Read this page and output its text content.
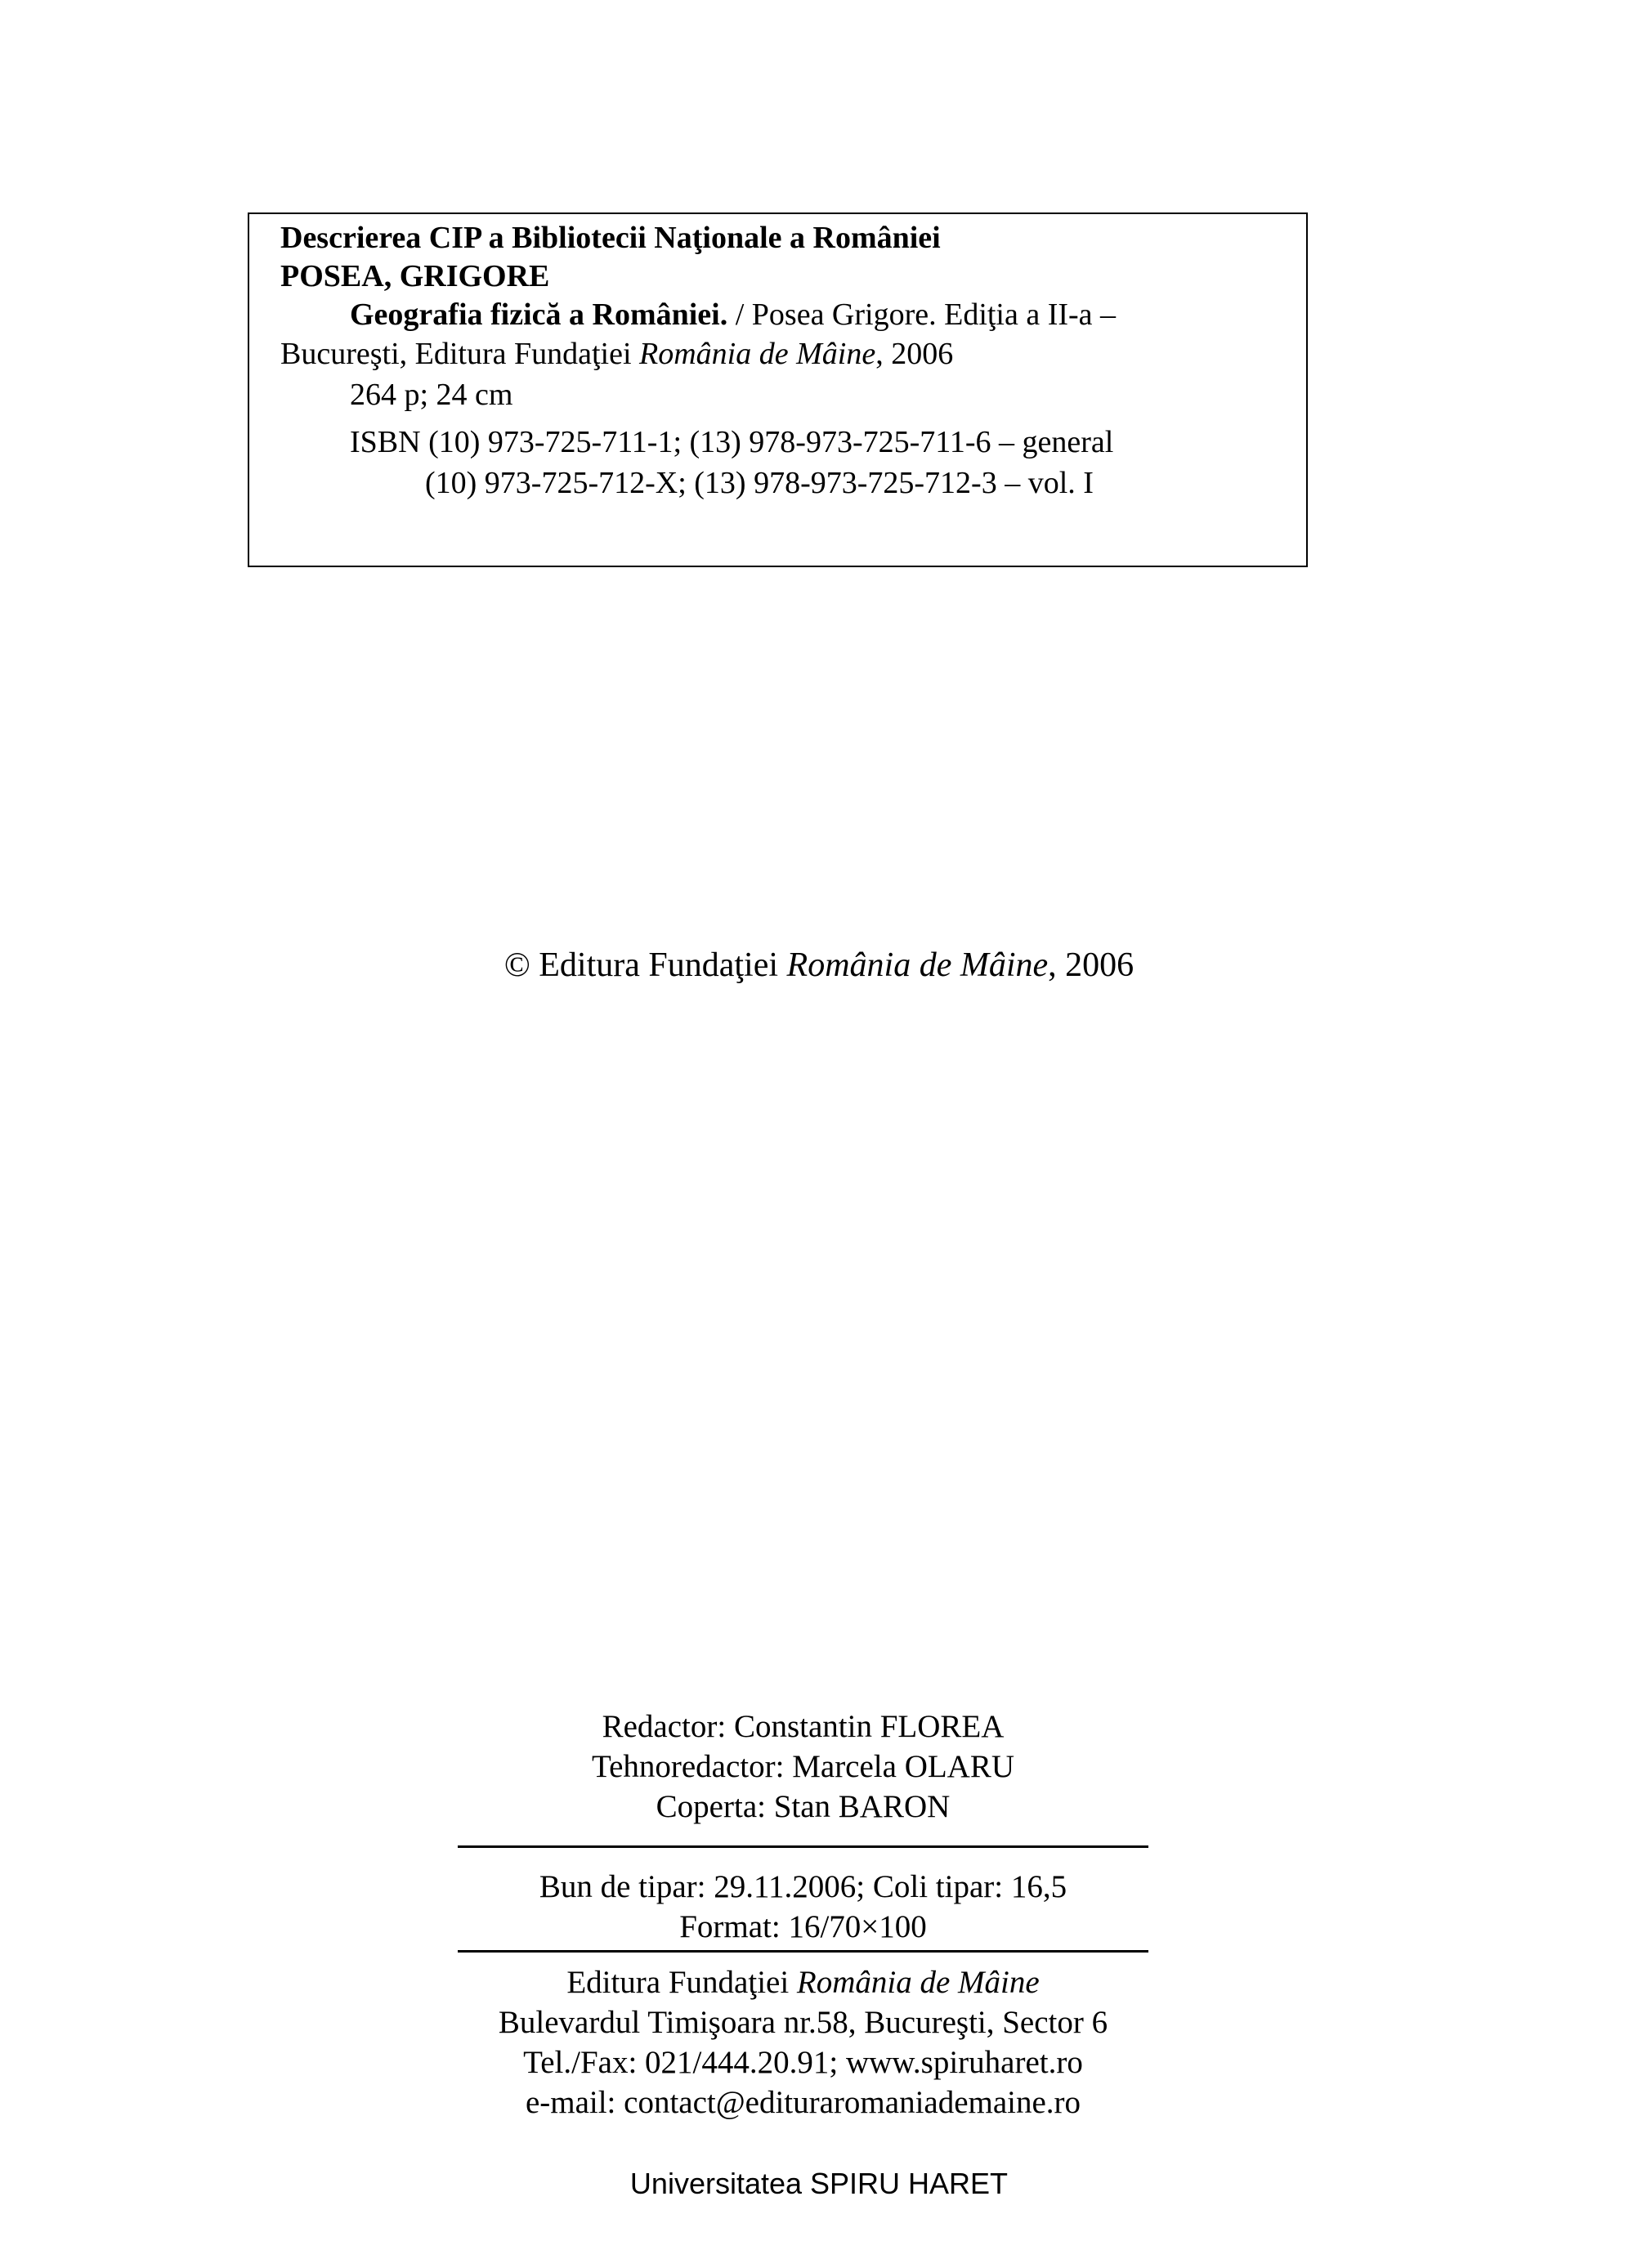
Descrierea CIP a Bibliotecii Naţionale a României
POSEA, GRIGORE
Geografia fizică a României. / Posea Grigore. Ediţia a II-a –
Bucureşti, Editura Fundaţiei România de Mâine, 2006
264 p; 24 cm
ISBN (10) 973-725-711-1; (13) 978-973-725-711-6 – general
(10) 973-725-712-X; (13) 978-973-725-712-3 – vol. I
© Editura Fundaţiei România de Mâine, 2006
Redactor: Constantin FLOREA
Tehnoredactor: Marcela OLARU
Coperta: Stan BARON
Bun de tipar: 29.11.2006; Coli tipar: 16,5
Format: 16/70×100
Editura Fundaţiei România de Mâine
Bulevardul Timişoara nr.58, Bucureşti, Sector 6
Tel./Fax: 021/444.20.91; www.spiruharet.ro
e-mail: contact@edituraromaniademaine.ro
Universitatea SPIRU HARET
